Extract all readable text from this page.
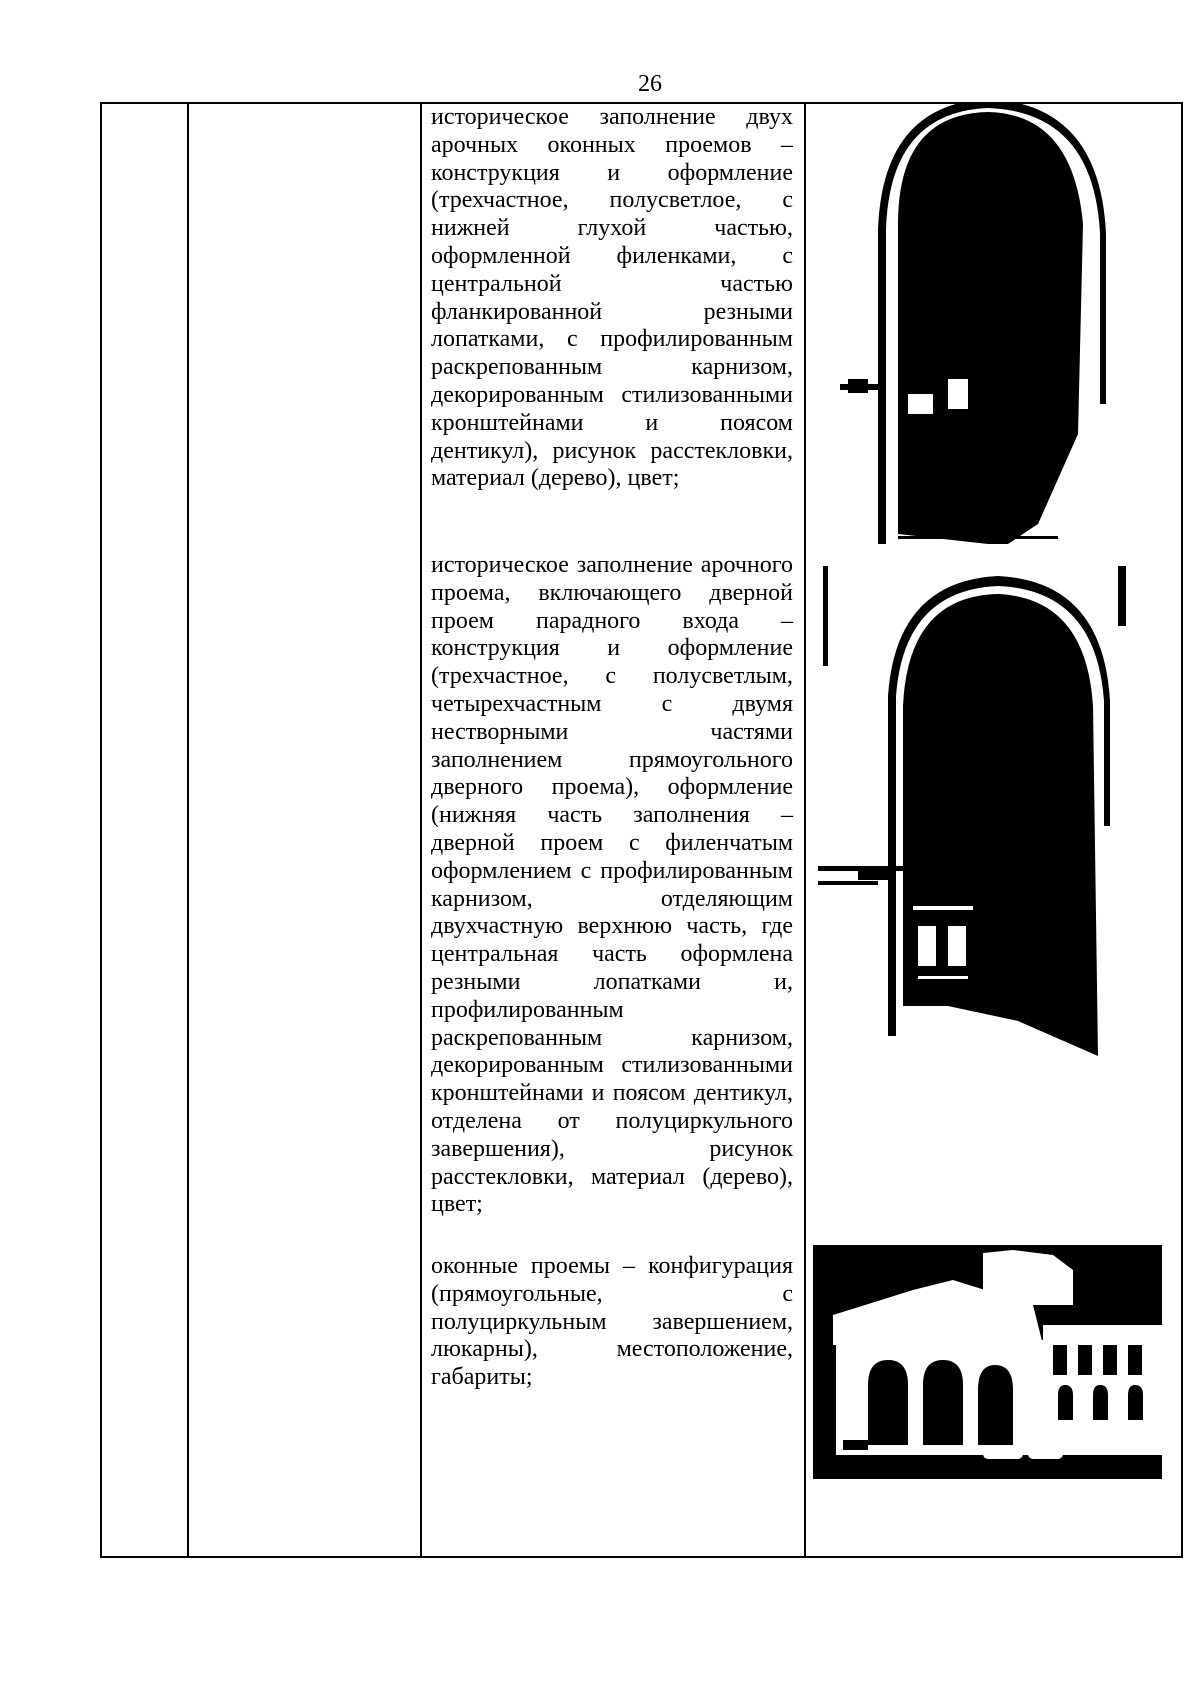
26

историческое заполнение двух арочных оконных проемов – конструкция и оформление (трехчастное, полусветлое, с нижней глухой частью, оформленной филенками, с центральной частью фланкированной резными лопатками, с профилированным раскрепованным карнизом, декорированным стилизованными кронштейнами и поясом дентикул), рисунок расстекловки, материал (дерево), цвет;

историческое заполнение арочного проема, включающего дверной проем парадного входа – конструкция и оформление (трехчастное, с полусветлым, четырехчастным с двумя нестворными частями заполнением прямоугольного дверного проема), оформление (нижняя часть заполнения – дверной проем с филенчатым оформлением с профилированным карнизом, отделяющим двухчастную верхнюю часть, где центральная часть оформлена резными лопатками и, профилированным раскрепованным карнизом, декорированным стилизованными кронштейнами и поясом дентикул, отделена от полуциркульного завершения), рисунок расстекловки, материал (дерево), цвет;

оконные проемы – конфигурация (прямоугольные, с полуциркульным завершением, люкарны), местоположение, габариты;
